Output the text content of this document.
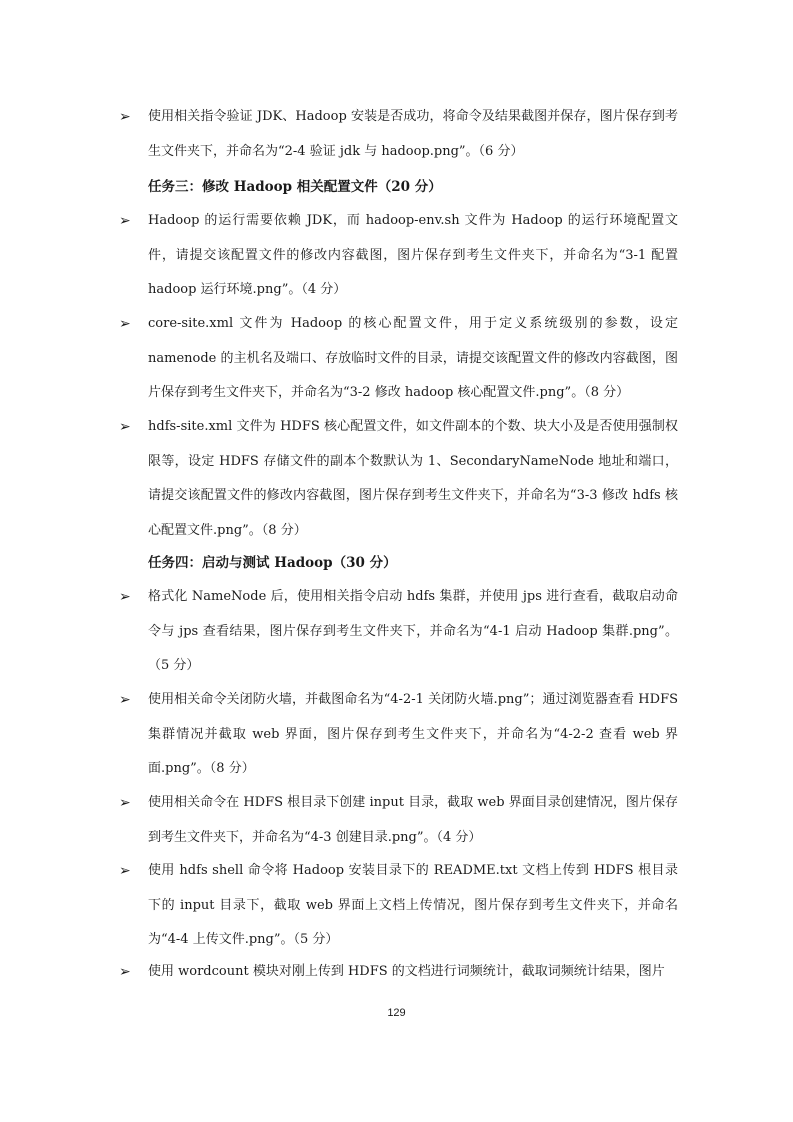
➢	使用相关指令验证 JDK、Hadoop 安装是否成功，将命令及结果截图并保存，图片保存到考生文件夹下，并命名为“2-4 验证 jdk 与 hadoop.png”。（6 分）

任务三：修改 Hadoop 相关配置文件（20 分）

➢	Hadoop 的运行需要依赖 JDK，而 hadoop-env.sh 文件为 Hadoop 的运行环境配置文件，请提交该配置文件的修改内容截图，图片保存到考生文件夹下，并命名为“3-1 配置 hadoop 运行环境.png”。（4 分）

➢	core-site.xml 文件为 Hadoop 的核心配置文件，用于定义系统级别的参数，设定 namenode 的主机名及端口、存放临时文件的目录，请提交该配置文件的修改内容截图，图片保存到考生文件夹下，并命名为“3-2 修改 hadoop 核心配置文件.png”。（8 分）

➢	hdfs-site.xml 文件为 HDFS 核心配置文件，如文件副本的个数、块大小及是否使用强制权限等，设定 HDFS 存储文件的副本个数默认为 1、SecondaryNameNode 地址和端口，请提交该配置文件的修改内容截图，图片保存到考生文件夹下，并命名为“3-3 修改 hdfs 核心配置文件.png”。（8 分）

任务四：启动与测试 Hadoop（30 分）

➢	格式化 NameNode 后，使用相关指令启动 hdfs 集群，并使用 jps 进行查看，截取启动命令与 jps 查看结果，图片保存到考生文件夹下，并命名为“4-1 启动 Hadoop 集群.png”。（5 分）

➢	使用相关命令关闭防火墙，并截图命名为“4-2-1 关闭防火墙.png”；通过浏览器查看 HDFS 集群情况并截取 web 界面，图片保存到考生文件夹下，并命名为“4-2-2 查看 web 界面.png”。（8 分）

➢	使用相关命令在 HDFS 根目录下创建 input 目录，截取 web 界面目录创建情况，图片保存到考生文件夹下，并命名为“4-3 创建目录.png”。（4 分）

➢	使用 hdfs shell 命令将 Hadoop 安装目录下的 README.txt 文档上传到 HDFS 根目录下的 input 目录下，截取 web 界面上文档上传情况，图片保存到考生文件夹下，并命名为“4-4 上传文件.png”。（5 分）

➢	使用 wordcount 模块对刚上传到 HDFS 的文档进行词频统计，截取词频统计结果，图片

129
